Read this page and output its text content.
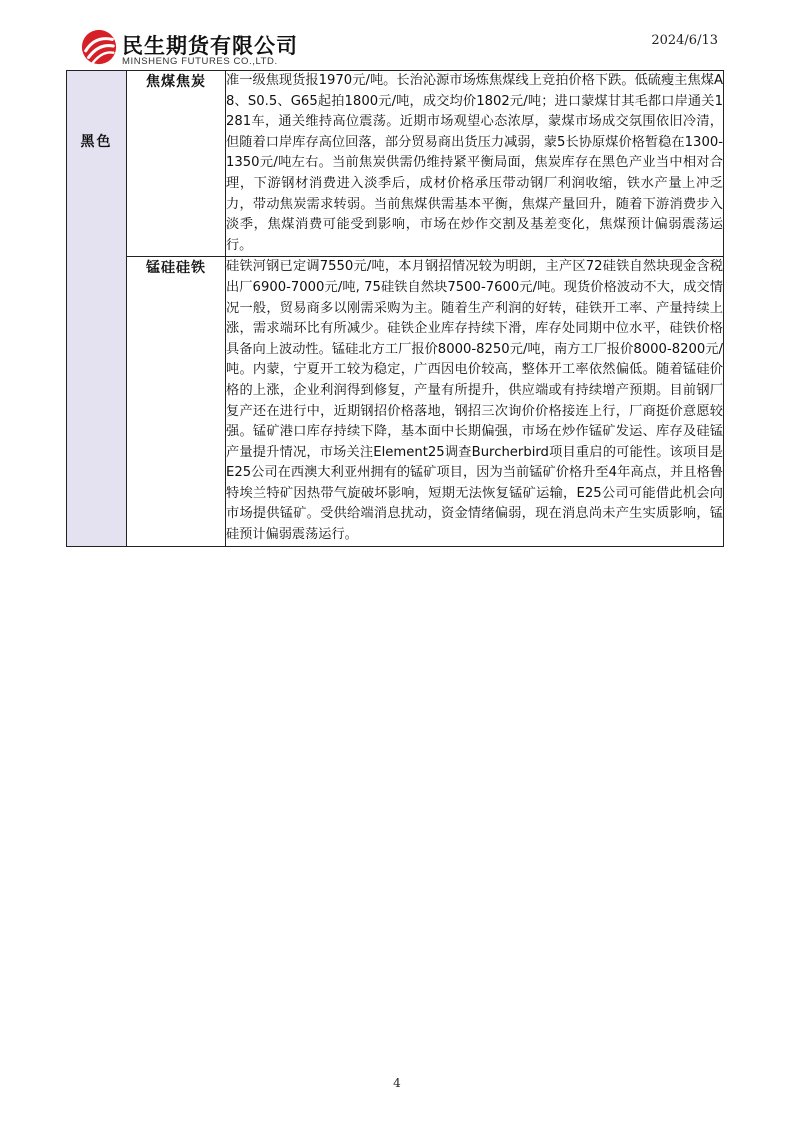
民生期货有限公司
MINSHENG FUTURES CO.,LTD.
2024/6/13
黑色	焦煤焦炭	准一级焦现货报1970元/吨。长治沁源市场炼焦煤线上竞拍价格下跌。低硫瘦主焦煤A8、S0.5、G65起拍1800元/吨，成交均价1802元/吨；进口蒙煤甘其毛都口岸通关1281车，通关维持高位震荡。近期市场观望心态浓厚，蒙煤市场成交氛围依旧冷清，但随着口岸库存高位回落，部分贸易商出货压力减弱，蒙5长协原煤价格暂稳在1300-1350元/吨左右。当前焦炭供需仍维持紧平衡局面，焦炭库存在黑色产业当中相对合理，下游钢材消费进入淡季后，成材价格承压带动钢厂利润收缩，铁水产量上冲乏力，带动焦炭需求转弱。当前焦煤供需基本平衡，焦煤产量回升，随着下游消费步入淡季，焦煤消费可能受到影响，市场在炒作交割及基差变化，焦煤预计偏弱震荡运行。

	锰硅硅铁	硅铁河钢已定调7550元/吨，本月钢招情况较为明朗，主产区72硅铁自然块现金含税出厂6900-7000元/吨, 75硅铁自然块7500-7600元/吨。现货价格波动不大，成交情况一般，贸易商多以刚需采购为主。随着生产利润的好转，硅铁开工率、产量持续上涨，需求端环比有所减少。硅铁企业库存持续下滑，库存处同期中位水平，硅铁价格具备向上波动性。锰硅北方工厂报价8000-8250元/吨，南方工厂报价8000-8200元/吨。内蒙，宁夏开工较为稳定，广西因电价较高，整体开工率依然偏低。随着锰硅价格的上涨，企业利润得到修复，产量有所提升，供应端或有持续增产预期。目前钢厂复产还在进行中，近期钢招价格落地，钢招三次询价价格接连上行，厂商挺价意愿较强。锰矿港口库存持续下降，基本面中长期偏强，市场在炒作锰矿发运、库存及硅锰产量提升情况，市场关注Element25调查Burcherbird项目重启的可能性。该项目是E25公司在西澳大利亚州拥有的锰矿项目，因为当前锰矿价格升至4年高点，并且格鲁特埃兰特矿因热带气旋破坏影响，短期无法恢复锰矿运输，E25公司可能借此机会向市场提供锰矿。受供给端消息扰动，资金情绪偏弱，现在消息尚未产生实质影响，锰硅预计偏弱震荡运行。

4
